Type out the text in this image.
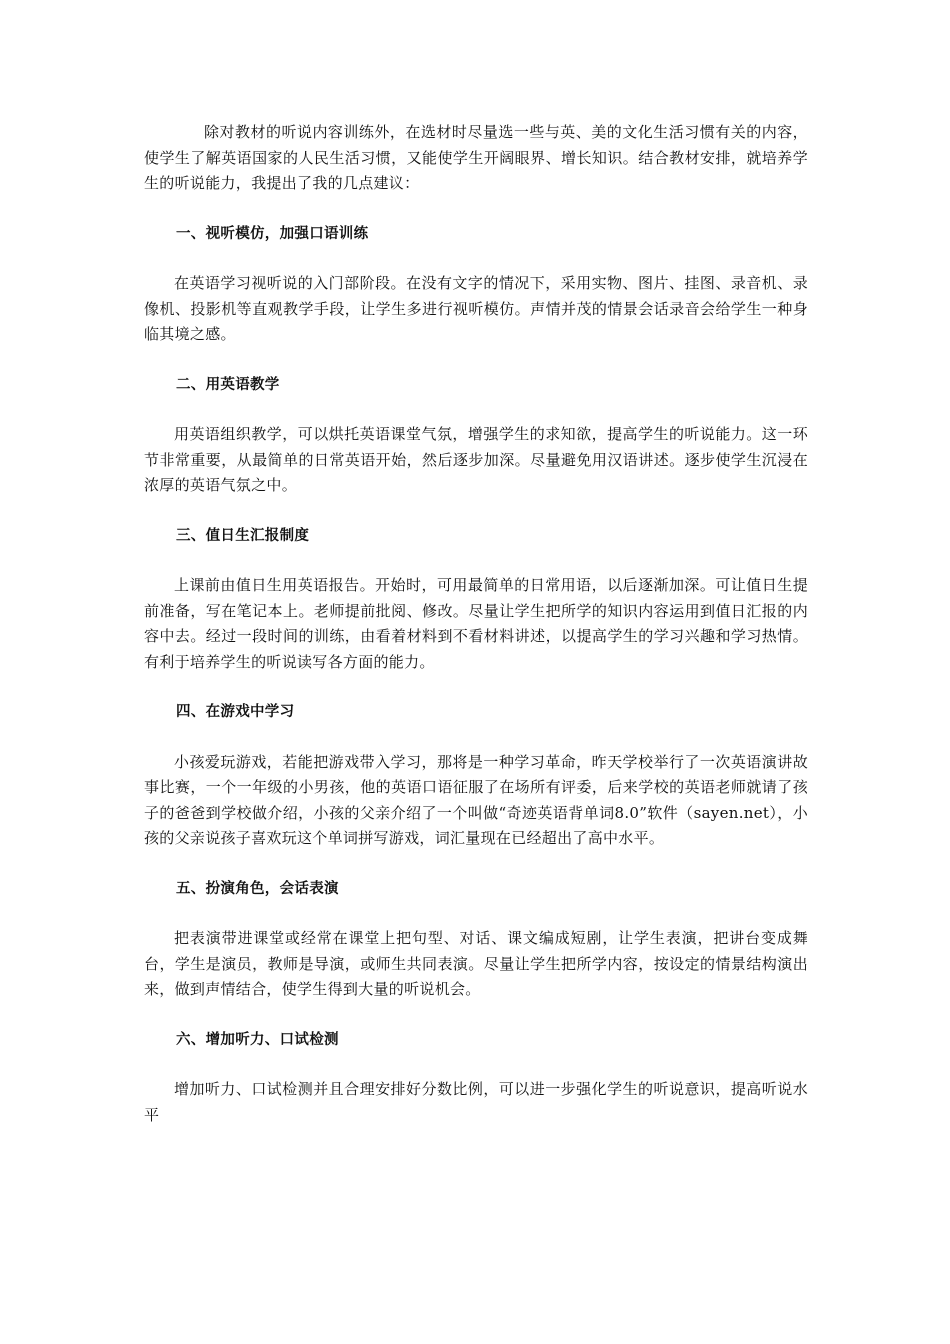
除对教材的听说内容训练外，在选材时尽量选一些与英、美的文化生活习惯有关的内容，使学生了解英语国家的人民生活习惯，又能使学生开阔眼界、增长知识。结合教材安排，就培养学生的听说能力，我提出了我的几点建议：

一、视听模仿，加强口语训练

在英语学习视听说的入门部阶段。在没有文字的情况下，采用实物、图片、挂图、录音机、录像机、投影机等直观教学手段，让学生多进行视听模仿。声情并茂的情景会话录音会给学生一种身临其境之感。

二、用英语教学

用英语组织教学，可以烘托英语课堂气氛，增强学生的求知欲，提高学生的听说能力。这一环节非常重要，从最简单的日常英语开始，然后逐步加深。尽量避免用汉语讲述。逐步使学生沉浸在浓厚的英语气氛之中。

三、值日生汇报制度

上课前由值日生用英语报告。开始时，可用最简单的日常用语，以后逐渐加深。可让值日生提前准备，写在笔记本上。老师提前批阅、修改。尽量让学生把所学的知识内容运用到值日汇报的内容中去。经过一段时间的训练，由看着材料到不看材料讲述，以提高学生的学习兴趣和学习热情。有利于培养学生的听说读写各方面的能力。

四、在游戏中学习

小孩爱玩游戏，若能把游戏带入学习，那将是一种学习革命，昨天学校举行了一次英语演讲故事比赛，一个一年级的小男孩，他的英语口语征服了在场所有评委，后来学校的英语老师就请了孩子的爸爸到学校做介绍，小孩的父亲介绍了一个叫做“奇迹英语背单词8.0”软件（sayen.net），小孩的父亲说孩子喜欢玩这个单词拼写游戏，词汇量现在已经超出了高中水平。

五、扮演角色，会话表演

把表演带进课堂或经常在课堂上把句型、对话、课文编成短剧，让学生表演，把讲台变成舞台，学生是演员，教师是导演，或师生共同表演。尽量让学生把所学内容，按设定的情景结构演出来，做到声情结合，使学生得到大量的听说机会。

六、增加听力、口试检测

增加听力、口试检测并且合理安排好分数比例，可以进一步强化学生的听说意识，提高听说水平
